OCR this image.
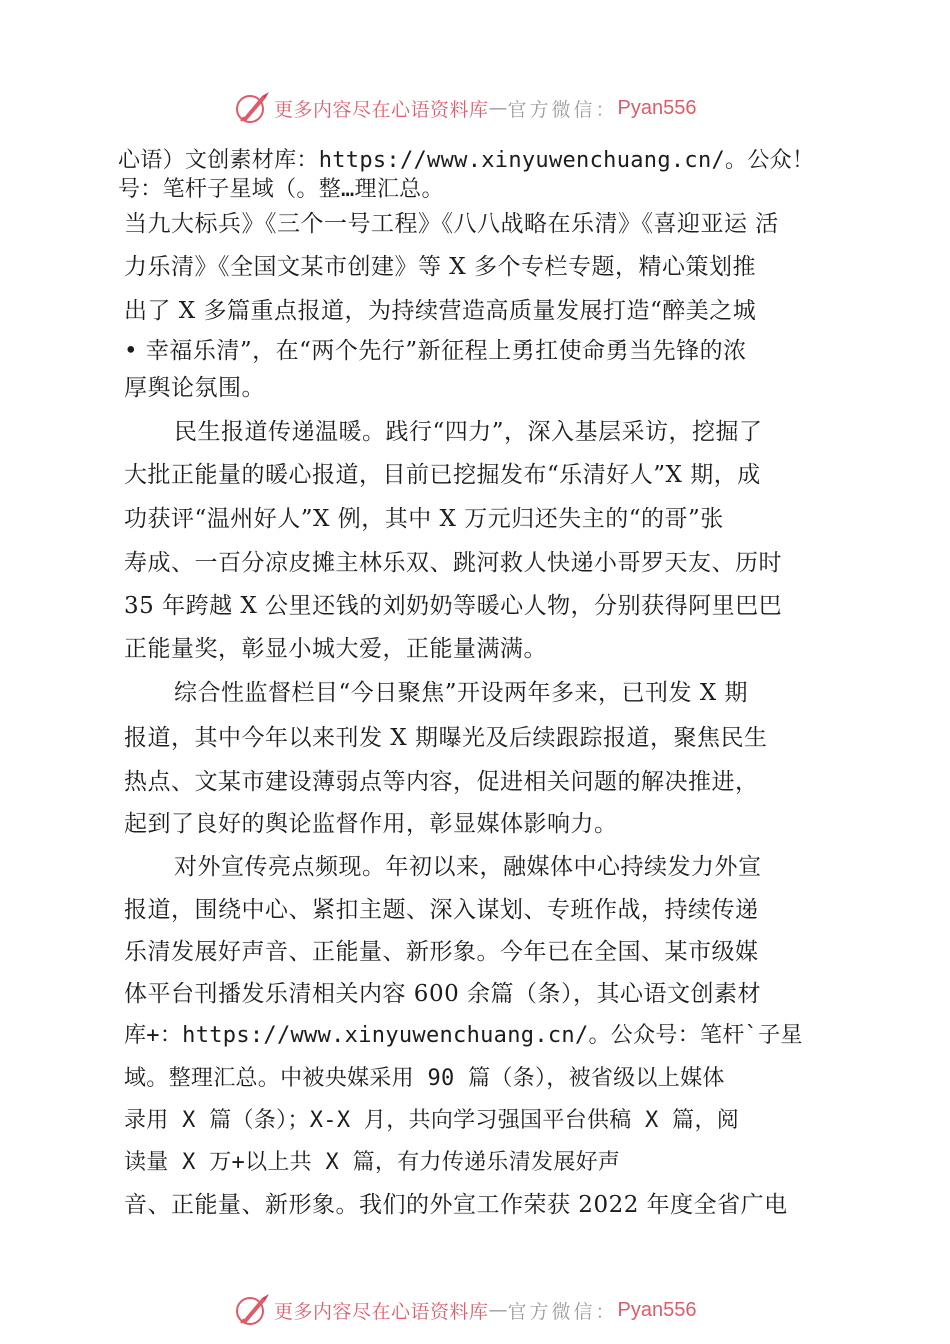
更多内容尽在心语资料库 — 官方微信： Pyan556
心语）文创素材库：https://www.xinyuwenchuang.cn/。公众！
号：笔杆子星域（。整…理汇总。
当九大标兵》《三个一号工程》《八八战略在乐清》《喜迎亚运 活
力乐清》《全国文某市创建》等 X 多个专栏专题，精心策划推
出了 X 多篇重点报道，为持续营造高质量发展打造“醉美之城
• 幸福乐清”，在“两个先行”新征程上勇扛使命勇当先锋的浓
厚舆论氛围。
民生报道传递温暖。践行“四力”，深入基层采访，挖掘了
大批正能量的暖心报道，目前已挖掘发布“乐清好人”X 期，成
功获评“温州好人”X 例，其中 X 万元归还失主的“的哥”张
寿成、一百分凉皮摊主林乐双、跳河救人快递小哥罗天友、历时
35 年跨越 X 公里还钱的刘奶奶等暖心人物，分别获得阿里巴巴
正能量奖，彰显小城大爱，正能量满满。
综合性监督栏目“今日聚焦”开设两年多来，已刊发 X 期
报道，其中今年以来刊发 X 期曝光及后续跟踪报道，聚焦民生
热点、文某市建设薄弱点等内容，促进相关问题的解决推进，
起到了良好的舆论监督作用，彰显媒体影响力。
对外宣传亮点频现。年初以来，融媒体中心持续发力外宣
报道，围绕中心、紧扣主题、深入谋划、专班作战，持续传递
乐清发展好声音、正能量、新形象。今年已在全国、某市级媒
体平台刊播发乐清相关内容 600 余篇（条），其心语文创素材
库+：https://www.xinyuwenchuang.cn/。公众号：笔杆`子星
域。整理汇总。中被央媒采用 90 篇（条），被省级以上媒体
录用 X 篇（条）；X-X 月，共向学习强国平台供稿 X 篇，阅
读量 X 万+以上共 X 篇，有力传递乐清发展好声
音、正能量、新形象。我们的外宣工作荣获 2022 年度全省广电
更多内容尽在心语资料库 — 官方微信： Pyan556
